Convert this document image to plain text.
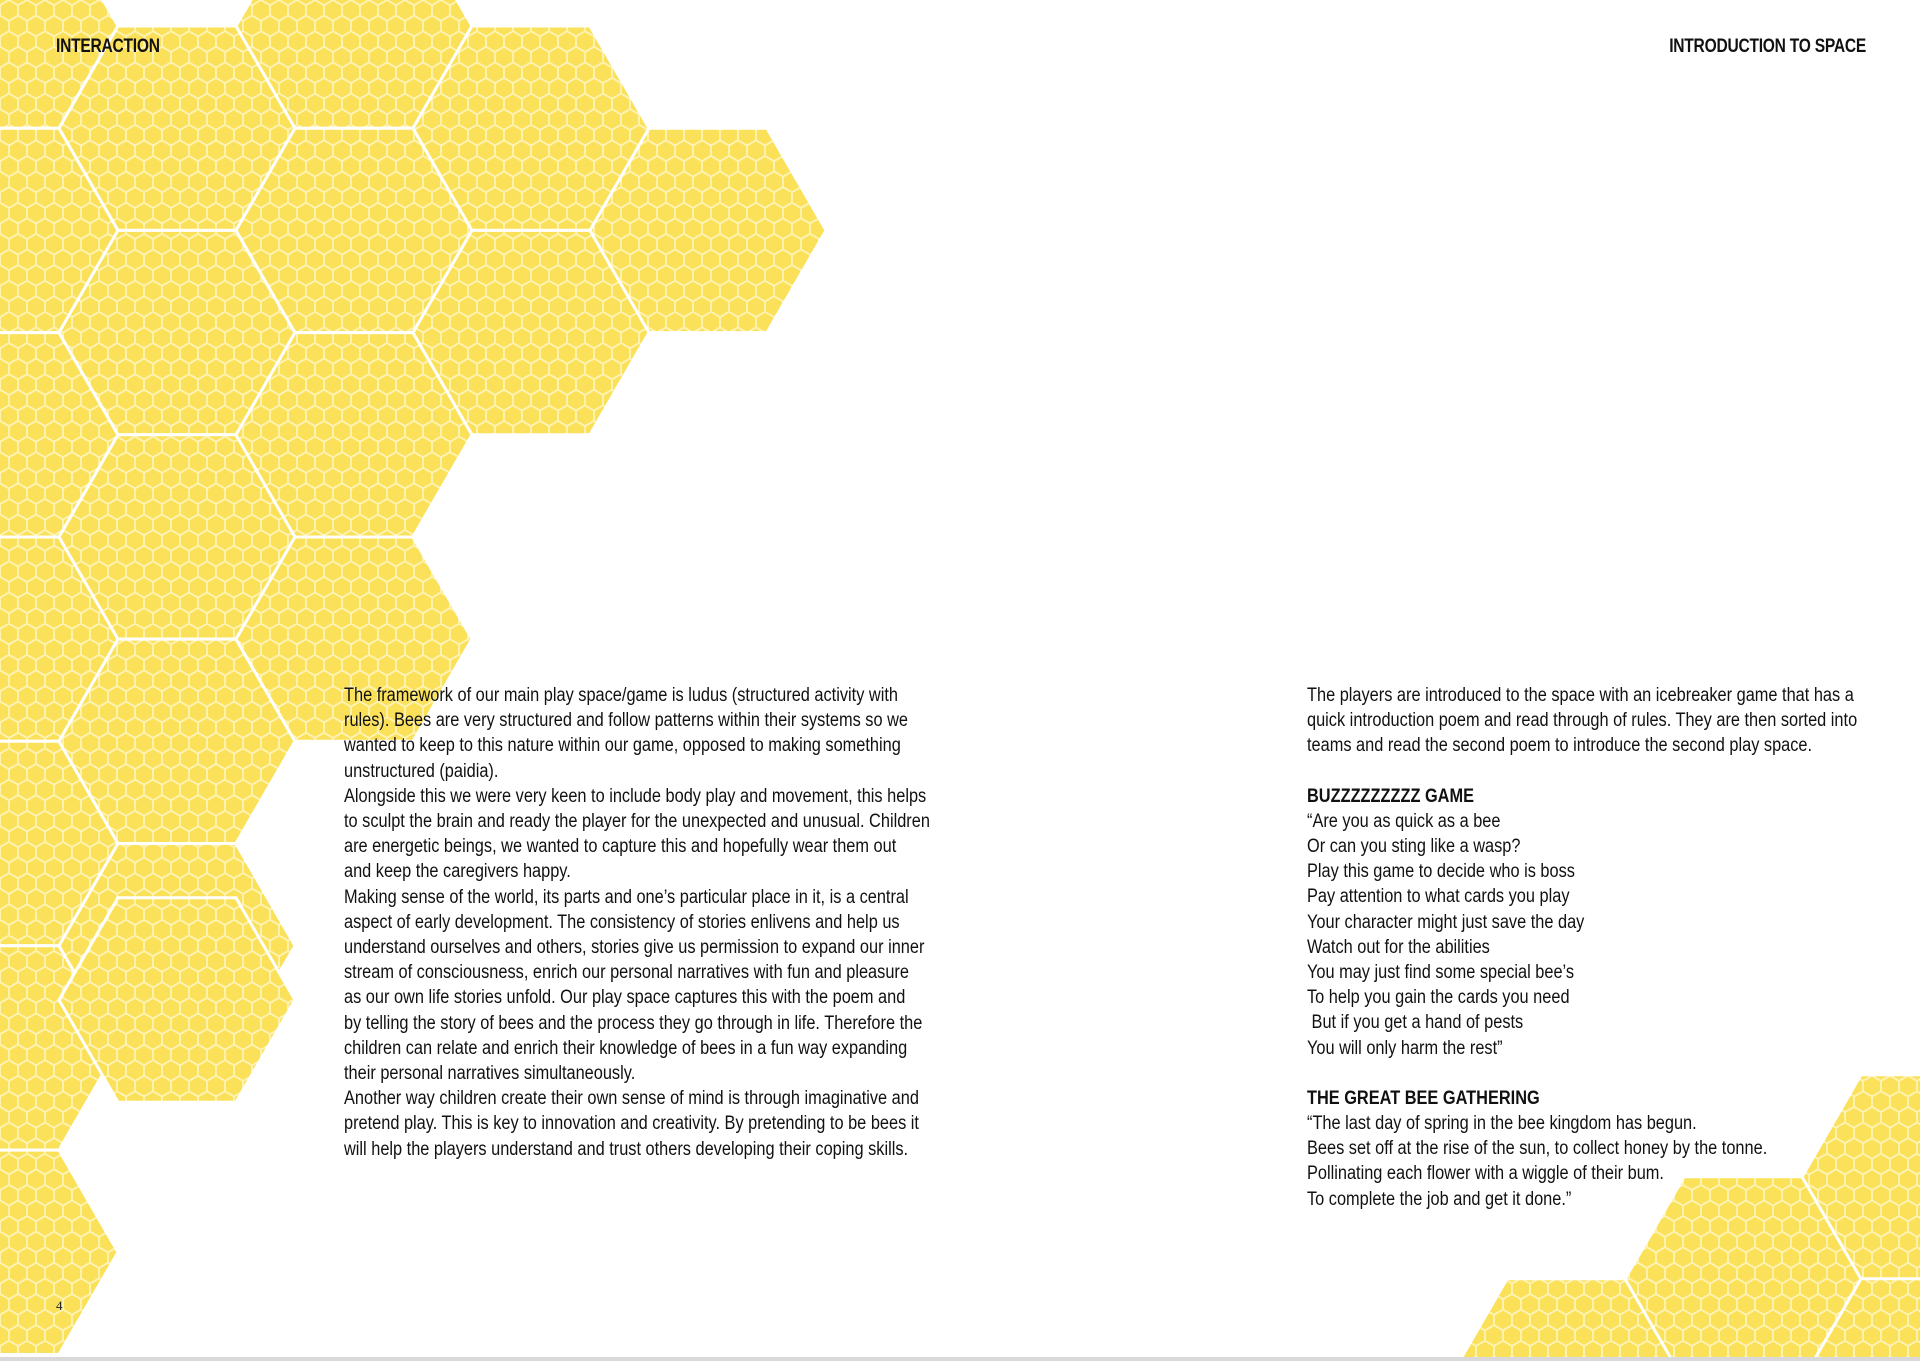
INTERACTION	INTRODUCTION TO SPACE

The framework of our main play space/game is ludus (structured activity with
rules). Bees are very structured and follow patterns within their systems so we
wanted to keep to this nature within our game, opposed to making something
unstructured (paidia).

Alongside this we were very keen to include body play and movement, this helps
to sculpt the brain and ready the player for the unexpected and unusual. Children
are energetic beings, we wanted to capture this and hopefully wear them out
and keep the caregivers happy.

Making sense of the world, its parts and one’s particular place in it, is a central
aspect of early development. The consistency of stories enlivens and help us
understand ourselves and others, stories give us permission to expand our inner
stream of consciousness, enrich our personal narratives with fun and pleasure
as our own life stories unfold. Our play space captures this with the poem and
by telling the story of bees and the process they go through in life. Therefore the
children can relate and enrich their knowledge of bees in a fun way expanding
their personal narratives simultaneously.

Another way children create their own sense of mind is through imaginative and
pretend play. This is key to innovation and creativity. By pretending to be bees it
will help the players understand and trust others developing their coping skills.

The players are introduced to the space with an icebreaker game that has a
quick introduction poem and read through of rules. They are then sorted into
teams and read the second poem to introduce the second play space.

BUZZZZZZZZZ GAME

“Are you as quick as a bee
Or can you sting like a wasp?
Play this game to decide who is boss
Pay attention to what cards you play
Your character might just save the day
Watch out for the abilities
You may just find some special bee’s
To help you gain the cards you need
But if you get a hand of pests
You will only harm the rest”

THE GREAT BEE GATHERING

“The last day of spring in the bee kingdom has begun.
Bees set off at the rise of the sun, to collect honey by the tonne.
Pollinating each flower with a wiggle of their bum.
To complete the job and get it done.”

4
